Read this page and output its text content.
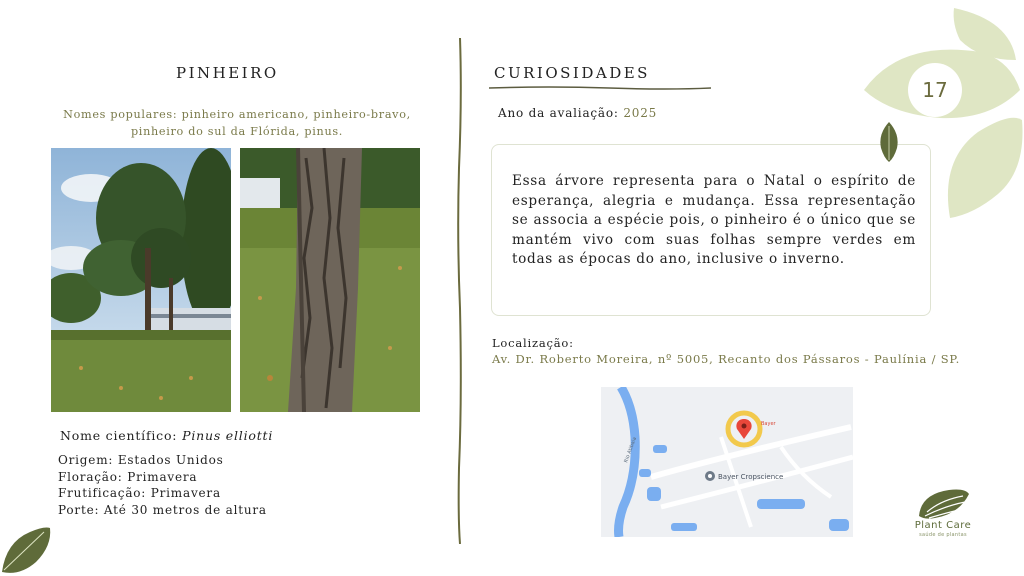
PINHEIRO
Nomes populares: pinheiro americano, pinheiro-bravo, pinheiro do sul da Flórida, pinus.
Nome científico: Pinus elliotti
Origem: Estados Unidos
Floração: Primavera
Frutificação: Primavera
Porte: Até 30 metros de altura
CURIOSIDADES
Ano da avaliação: 2025
Essa árvore representa para o Natal o espírito de esperança, alegria e mudança. Essa representação se associa a espécie pois, o pinheiro é o único que se mantém vivo com suas folhas sempre verdes em todas as épocas do ano, inclusive o inverno.
Localização:
Av. Dr. Roberto Moreira, nº 5005, Recanto dos Pássaros - Paulínia / SP.
Rio Atibaia
Bayer
Bayer Cropscience
17
Plant Care
saúde de plantas
